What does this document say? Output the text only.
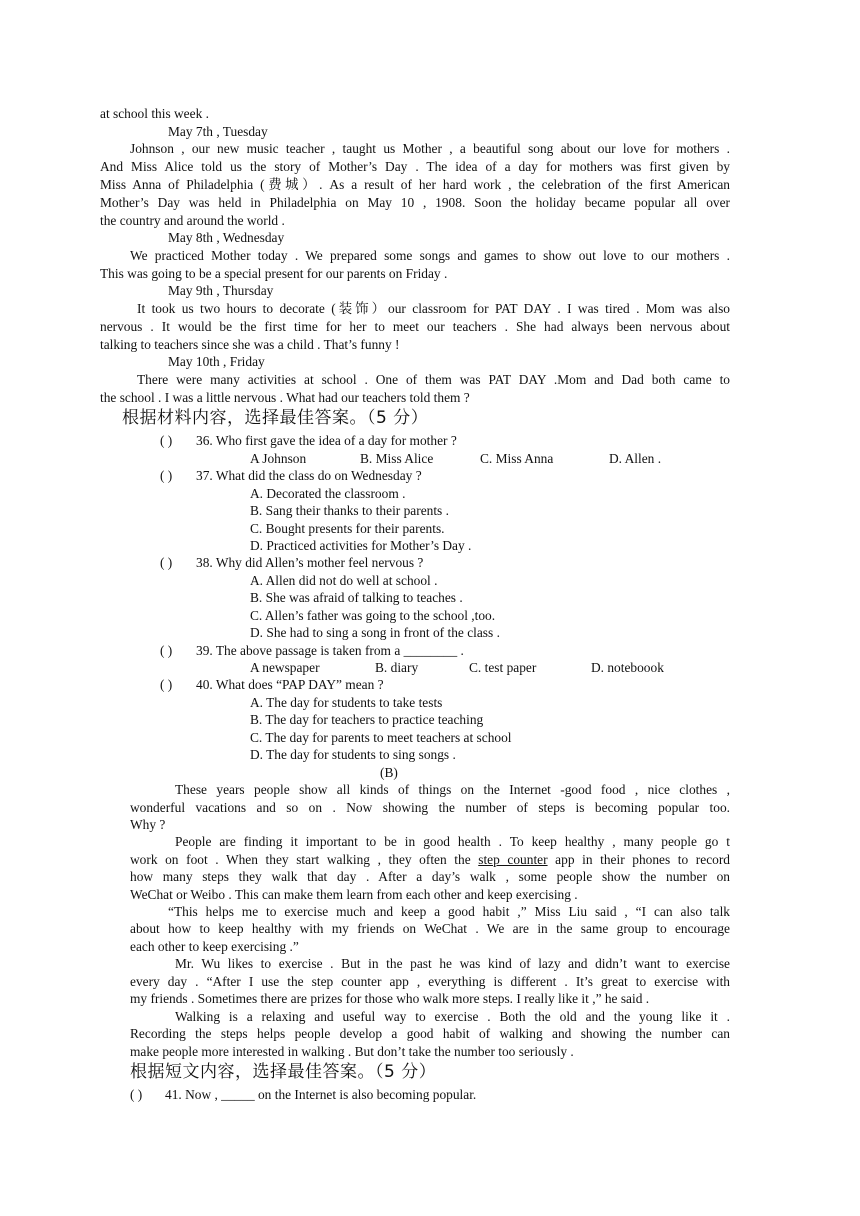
at school this week .
May 7th , Tuesday
Johnson , our new music teacher , taught us Mother , a beautiful song about our love for mothers .
And Miss Alice told us the story of Mother’s Day . The idea of a day for mothers was first given by
Miss Anna of Philadelphia (费城）. As a result of her hard work , the celebration of the first American
Mother’s Day was held in Philadelphia on May 10 , 1908. Soon the holiday became popular all over
the country and around the world .
May 8th , Wednesday
We practiced Mother today . We prepared some songs and games to show out love to our mothers .
This was going to be a special present for our parents on Friday .
May 9th , Thursday
It took us two hours to decorate (装饰）our classroom for PAT DAY . I was tired . Mom was also
nervous . It would be the first time for her to meet our teachers . She had always been nervous about
talking to teachers since she was a child . That’s funny !
May 10th , Friday
There were many activities at school . One of them was PAT DAY .Mom and Dad both came to
the school . I was a little nervous . What had our teachers told them ?
根据材料内容，选择最佳答案。（5 分）
( ) 36. Who first gave the idea of a day for mother ?
A Johnson	B. Miss Alice	C. Miss Anna	D. Allen .
( ) 37. What did the class do on Wednesday ?
A. Decorated the classroom .
B. Sang their thanks to their parents .
C. Bought presents for their parents.
D. Practiced activities for Mother’s Day .
( ) 38. Why did Allen’s mother feel nervous ?
A. Allen did not do well at school .
B. She was afraid of talking to teaches .
C. Allen’s father was going to the school ,too.
D. She had to sing a song in front of the class .
( ) 39. The above passage is taken from a ________ .
A newspaper	B. diary	C. test paper	D. noteboook
( ) 40. What does “PAP DAY” mean ?
A. The day for students to take tests
B. The day for teachers to practice teaching
C. The day for parents to meet teachers at school
D. The day for students to sing songs .
(B)
These years people show all kinds of things on the Internet -good food , nice clothes ,
wonderful vacations and so on . Now showing the number of steps is becoming popular too.
Why ?
People are finding it important to be in good health . To keep healthy , many people go t
work on foot . When they start walking , they often the step counter app in their phones to record
how many steps they walk that day . After a day’s walk , some people show the number on
WeChat or Weibo . This can make them learn from each other and keep exercising .
“This helps me to exercise much and keep a good habit ,” Miss Liu said , “I can also talk
about how to keep healthy with my friends on WeChat . We are in the same group to encourage
each other to keep exercising .”
Mr. Wu likes to exercise . But in the past he was kind of lazy and didn’t want to exercise
every day . “After I use the step counter app , everything is different . It’s great to exercise with
my friends . Sometimes there are prizes for those who walk more steps. I really like it ,” he said .
Walking is a relaxing and useful way to exercise . Both the old and the young like it .
Recording the steps helps people develop a good habit of walking and showing the number can
make people more interested in walking . But don’t take the number too seriously .
根据短文内容，选择最佳答案。（5 分）
( ) 41. Now , _____ on the Internet is also becoming popular.
